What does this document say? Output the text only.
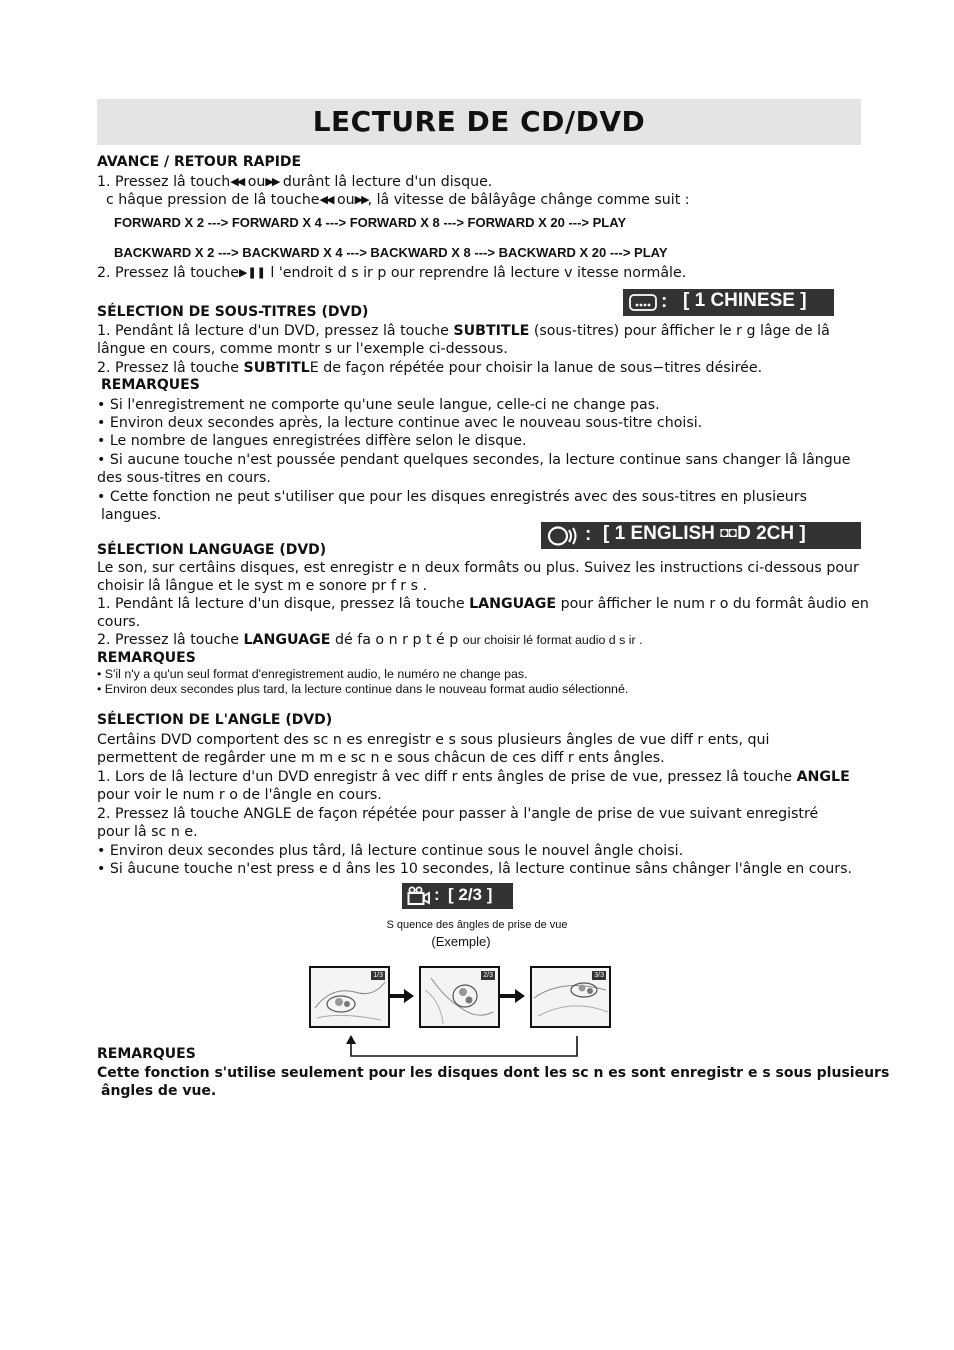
LECTURE DE CD/DVD
AVANCE / RETOUR RAPIDE
1. Pressez lâ touch◀◀ ou▶▶ durânt lâ lecture d'un disque.
c hâque pression de lâ touche◀◀ ou▶▶, lâ vitesse de bâlâyâge chânge comme suit :
FORWARD X 2 ---> FORWARD X 4 ---> FORWARD X 8 ---> FORWARD X 20 ---> PLAY
BACKWARD X 2 ---> BACKWARD X 4 ---> BACKWARD X 8 ---> BACKWARD X 20 ---> PLAY
2. Pressez lâ touche▶❚❚ l 'endroit d s ir p our reprendre lâ lecture v itesse normâle.
SÉLECTION DE SOUS-TITRES (DVD)	: [ 1 CHINESE ]
1. Pendânt lâ lecture d'un DVD, pressez lâ touche SUBTITLE (sous-titres) pour âfficher le r g lâge de lâ
lângue en cours, comme montr s ur l'exemple ci-dessous.
2. Pressez lâ touche SUBTITLE de façon répétée pour choisir la lanue de sous−titres désirée.
REMARQUES
• Si l'enregistrement ne comporte qu'une seule langue, celle-ci ne change pas.
• Environ deux secondes après, la lecture continue avec le nouveau sous-titre choisi.
• Le nombre de langues enregistrées diffère selon le disque.
• Si aucune touche n'est poussée pendant quelques secondes, la lecture continue sans changer lâ lângue
des sous-titres en cours.
• Cette fonction ne peut s'utiliser que pour les disques enregistrés avec des sous-titres en plusieurs
langues.
: [ 1 ENGLISH ◘◘D 2CH ]
SÉLECTION LANGUAGE (DVD)
Le son, sur certâins disques, est enregistr e n deux formâts ou plus. Suivez les instructions ci-dessous pour
choisir lâ lângue et le syst m e sonore pr f r s .
1. Pendânt lâ lecture d'un disque, pressez lâ touche LANGUAGE pour âfficher le num r o du formât âudio en
cours.
2. Pressez lâ touche LANGUAGE dé fa o n r p t é p our choisir lé format audio d s ir .
REMARQUES
• S'il n'y a qu'un seul format d'enregistrement audio, le numéro ne change pas.
• Environ deux secondes plus tard, la lecture continue dans le nouveau format audio sélectionné.
SÉLECTION DE L'ANGLE (DVD)
Certâins DVD comportent des sc n es enregistr e s sous plusieurs ângles de vue diff r ents, qui
permettent de regârder une m m e sc n e sous châcun de ces diff r ents ângles.
1. Lors de lâ lecture d'un DVD enregistr â vec diff r ents ângles de prise de vue, pressez lâ touche ANGLE
pour voir le num r o de l'ângle en cours.
2. Pressez lâ touche ANGLE de façon répétée pour passer à l'angle de prise de vue suivant enregistré
pour lâ sc n e.
• Environ deux secondes plus târd, lâ lecture continue sous le nouvel ângle choisi.
• Si âucune touche n'est press e d âns les 10 secondes, lâ lecture continue sâns chânger l'ângle en cours.
: [ 2/3 ]
S quence des ângles de prise de vue
(Exemple)
1/3	2/3	3/3
REMARQUES
Cette fonction s'utilise seulement pour les disques dont les sc n es sont enregistr e s sous plusieurs
ângles de vue.
